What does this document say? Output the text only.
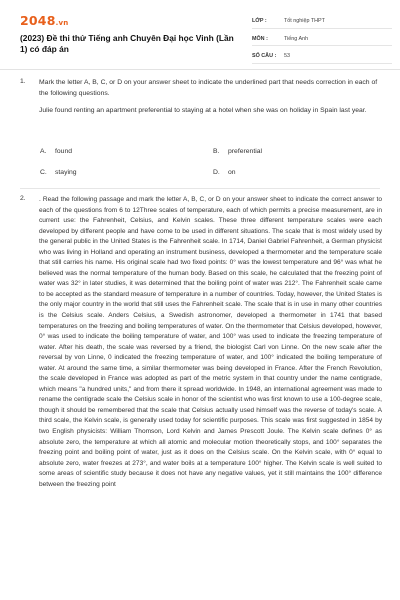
2048.vn
(2023) Đề thi thử Tiếng anh Chuyên Đại học Vinh (Lần 1) có đáp án
LỚP :	Tốt nghiệp THPT
MÔN :	Tiếng Anh
SỐ CÂU : 53
1. Mark the letter A, B, C, or D on your answer sheet to indicate the underlined part that needs correction in each of the following questions.

Julie found renting an apartment preferential to staying at a hotel when she was on holiday in Spain last year.

A. found	B. preferential
C. staying	D. on
2. . Read the following passage and mark the letter A, B, C, or D on your answer sheet to indicate the correct answer to each of the questions from 6 to 12Three scales of temperature, each of which permits a precise measurement, are in current use: the Fahrenheit, Celsius, and Kelvin scales. These three different temperature scales were each developed by different people and have come to be used in different situations. The scale that is most widely used by the general public in the United States is the Fahrenheit scale. In 1714, Daniel Gabriel Fahrenheit, a German physicist who was living in Holland and operating an instrument business, developed a thermometer and the temperature scale that still carries his name. His original scale had two fixed points: 0° was the lowest temperature and 96° was what he believed was the normal temperature of the human body. Based on this scale, he calculated that the freezing point of water was 32° in later studies, it was determined that the boiling point of water was 212°. The Fahrenheit scale came to be accepted as the standard measure of temperature in a number of countries. Today, however, the United States is the only major country in the world that still uses the Fahrenheit scale. The scale that is in use in many other countries is the Celsius scale. Anders Celsius, a Swedish astronomer, developed a thermometer in 1741 that based temperatures on the freezing and boiling temperatures of water. On the thermometer that Celsius developed, however, 0° was used to indicate the boiling temperature of water, and 100° was used to indicate the freezing temperature of water. After his death, the scale was reversed by a friend, the biologist Carl von Linne. On the new scale after the reversal by von Linne, 0 indicated the freezing temperature of water, and 100° indicated the boiling temperature of water. At around the same time, a similar thermometer was being developed in France. After the French Revolution, the scale developed in France was adopted as part of the metric system in that country under the name centigrade, which means "a hundred units," and from there it spread worldwide. In 1948, an international agreement was made to rename the centigrade scale the Celsius scale in honor of the scientist who was first known to use a 100-degree scale, though it should be remembered that the scale that Celsius actually used himself was the reverse of today's scale. A third scale, the Kelvin scale, is generally used today for scientific purposes. This scale was first suggested in 1854 by two English physicists: William Thomson, Lord Kelvin and James Prescott Joule. The Kelvin scale defines 0° as absolute zero, the temperature at which all atomic and molecular motion theoretically stops, and 100° separates the freezing point and boiling point of water, just as it does on the Celsius scale. On the Kelvin scale, with 0° equal to absolute zero, water freezes at 273°, and water boils at a temperature 100° higher. The Kelvin scale is well suited to some areas of scientific study because it does not have any negative values, yet it still maintains the 100° difference between the freezing point
